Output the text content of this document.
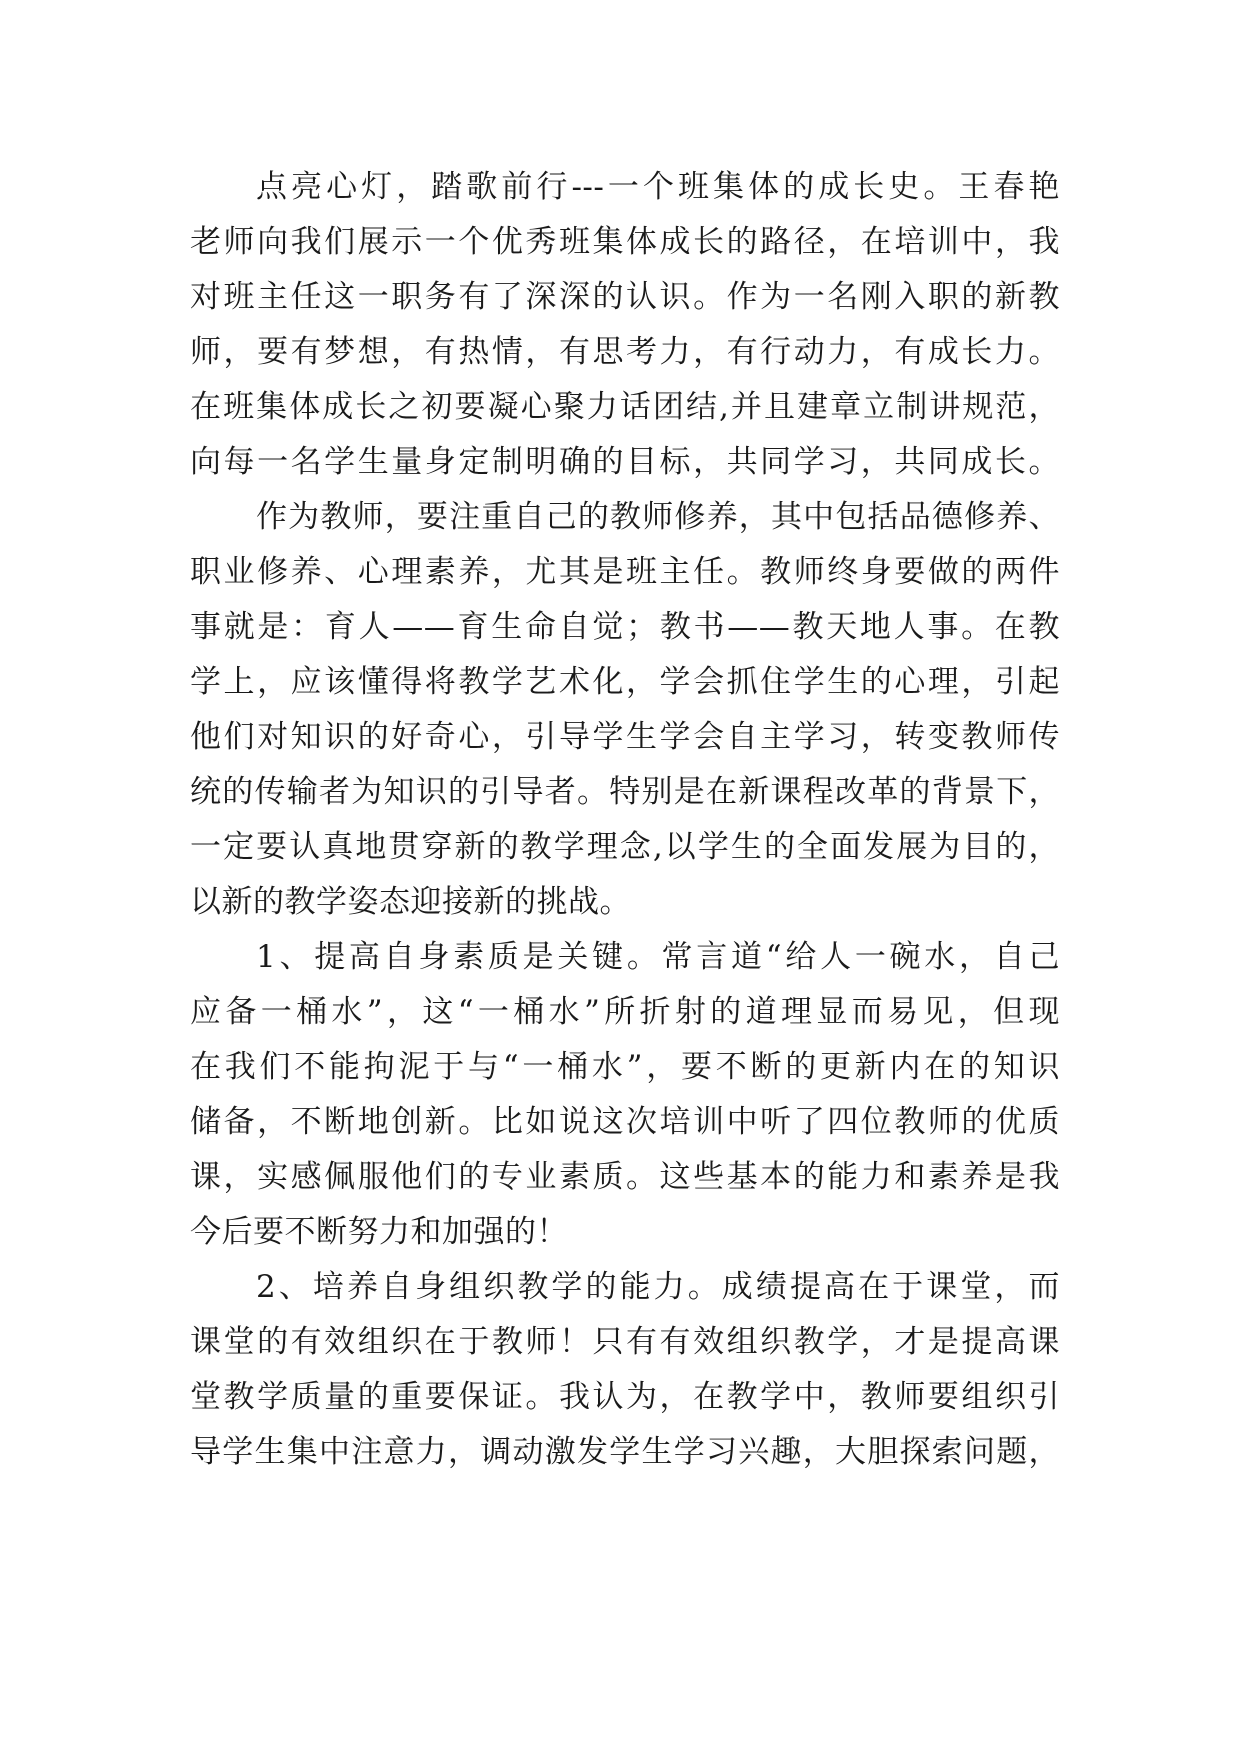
点亮心灯，踏歌前行---一个班集体的成长史。王春艳
老师向我们展示一个优秀班集体成长的路径，在培训中，我
对班主任这一职务有了深深的认识。作为一名刚入职的新教
师，要有梦想，有热情，有思考力，有行动力，有成长力。
在班集体成长之初要凝心聚力话团结,并且建章立制讲规范，
向每一名学生量身定制明确的目标，共同学习，共同成长。
作为教师，要注重自己的教师修养，其中包括品德修养、
职业修养、心理素养，尤其是班主任。教师终身要做的两件
事就是：育人——育生命自觉；教书——教天地人事。在教
学上，应该懂得将教学艺术化，学会抓住学生的心理，引起
他们对知识的好奇心，引导学生学会自主学习，转变教师传
统的传输者为知识的引导者。特别是在新课程改革的背景下，
一定要认真地贯穿新的教学理念,以学生的全面发展为目的，
以新的教学姿态迎接新的挑战。
1、提高自身素质是关键。常言道“给人一碗水，自己
应备一桶水”，这“一桶水”所折射的道理显而易见，但现
在我们不能拘泥于与“一桶水”，要不断的更新内在的知识
储备，不断地创新。比如说这次培训中听了四位教师的优质
课，实感佩服他们的专业素质。这些基本的能力和素养是我
今后要不断努力和加强的！
2、培养自身组织教学的能力。成绩提高在于课堂，而
课堂的有效组织在于教师！只有有效组织教学，才是提高课
堂教学质量的重要保证。我认为，在教学中，教师要组织引
导学生集中注意力，调动激发学生学习兴趣，大胆探索问题，
